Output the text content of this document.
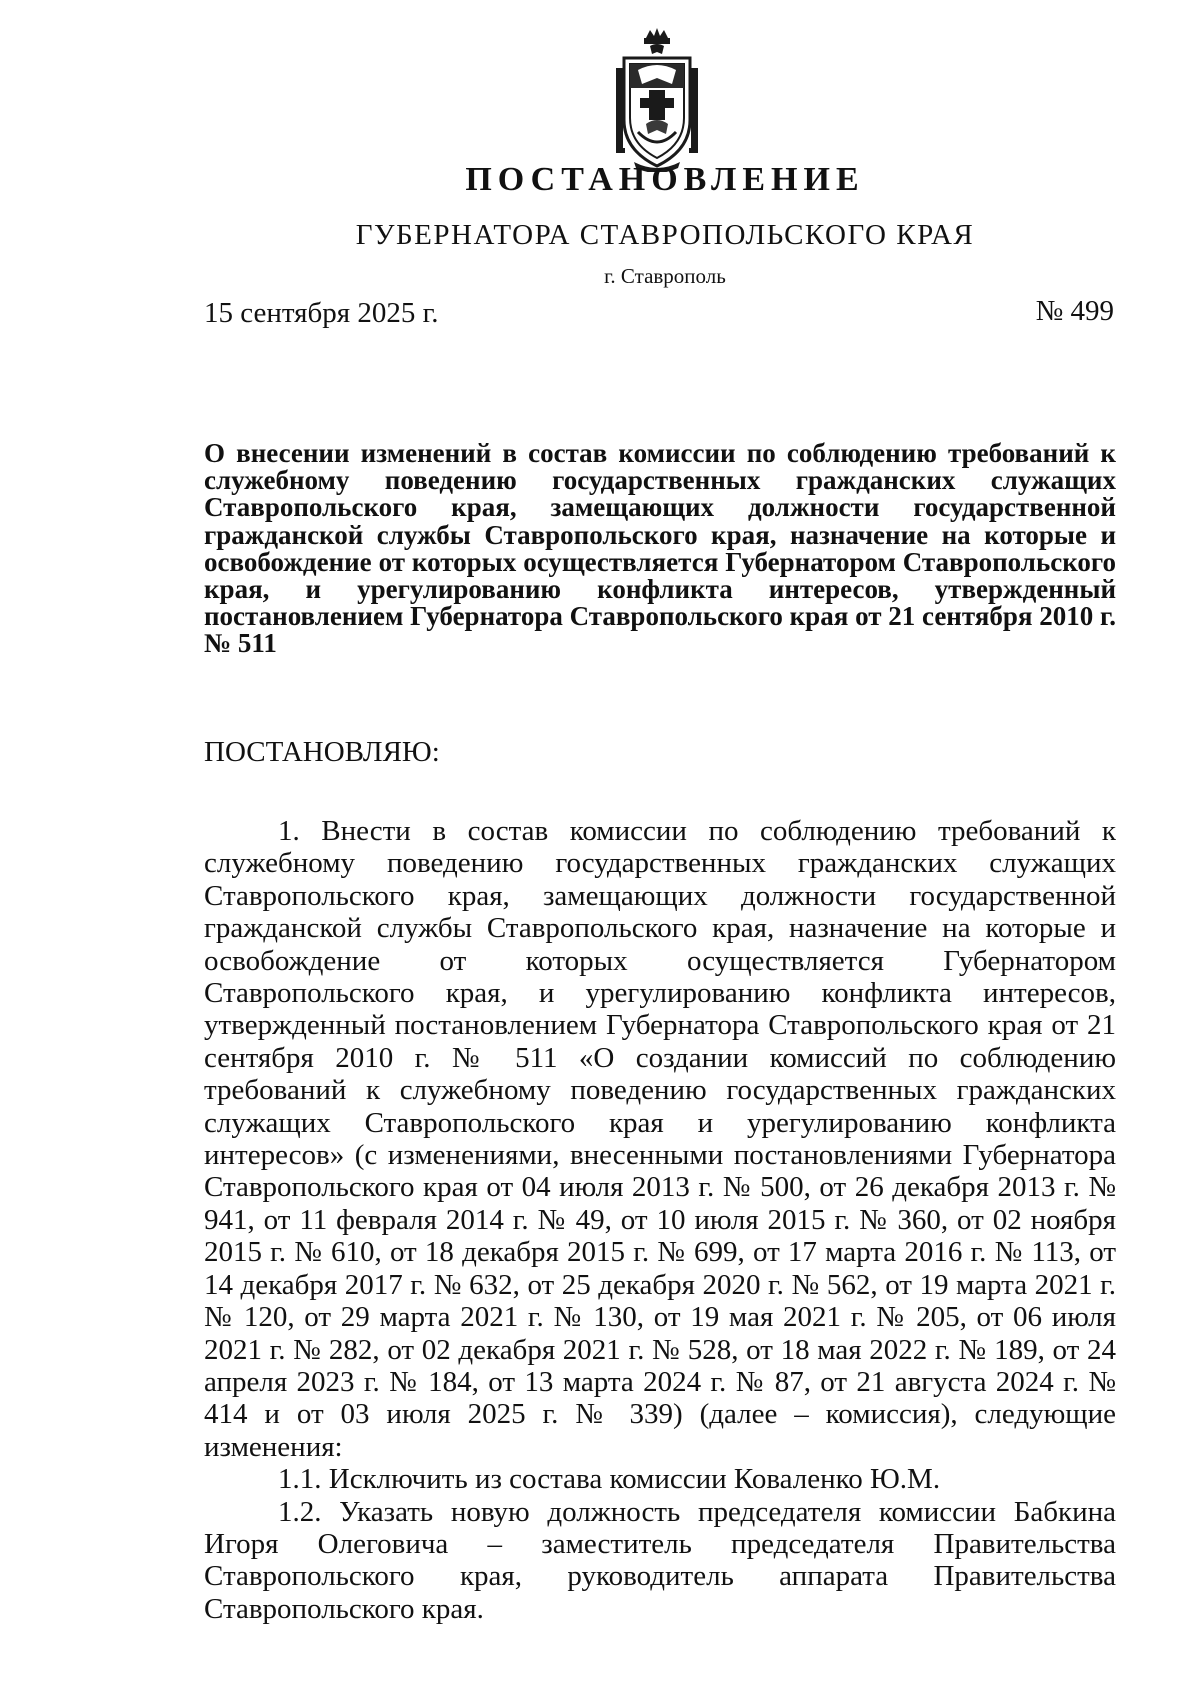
ПОСТАНОВЛЕНИЕ
ГУБЕРНАТОРА СТАВРОПОЛЬСКОГО КРАЯ
г. Ставрополь
15 сентября 2025 г.	№ 499

О внесении изменений в состав комиссии по соблюдению требований к служебному поведению государственных гражданских служащих Ставропольского края, замещающих должности государственной гражданской службы Ставропольского края, назначение на которые и освобождение от которых осуществляется Губернатором Ставропольского края, и урегулированию конфликта интересов, утвержденный постановлением Губернатора Ставропольского края от 21 сентября 2010 г. № 511

ПОСТАНОВЛЯЮ:

1. Внести в состав комиссии по соблюдению требований к служебному поведению государственных гражданских служащих Ставропольского края, замещающих должности государственной гражданской службы Ставропольского края, назначение на которые и освобождение от которых осуществляется Губернатором Ставропольского края, и урегулированию конфликта интересов, утвержденный постановлением Губернатора Ставропольского края от 21 сентября 2010 г. № 511 «О создании комиссий по соблюдению требований к служебному поведению государственных гражданских служащих Ставропольского края и урегулированию конфликта интересов» (с изменениями, внесенными постановлениями Губернатора Ставропольского края от 04 июля 2013 г. № 500, от 26 декабря 2013 г. № 941, от 11 февраля 2014 г. № 49, от 10 июля 2015 г. № 360, от 02 ноября 2015 г. № 610, от 18 декабря 2015 г. № 699, от 17 марта 2016 г. № 113, от 14 декабря 2017 г. № 632, от 25 декабря 2020 г. № 562, от 19 марта 2021 г. № 120, от 29 марта 2021 г. № 130, от 19 мая 2021 г. № 205, от 06 июля 2021 г. № 282, от 02 декабря 2021 г. № 528, от 18 мая 2022 г. № 189, от 24 апреля 2023 г. № 184, от 13 марта 2024 г. № 87, от 21 августа 2024 г. № 414 и от 03 июля 2025 г. № 339) (далее – комиссия), следующие изменения:

1.1. Исключить из состава комиссии Коваленко Ю.М.

1.2. Указать новую должность председателя комиссии Бабкина Игоря Олеговича – заместитель председателя Правительства Ставропольского края, руководитель аппарата Правительства Ставропольского края.
